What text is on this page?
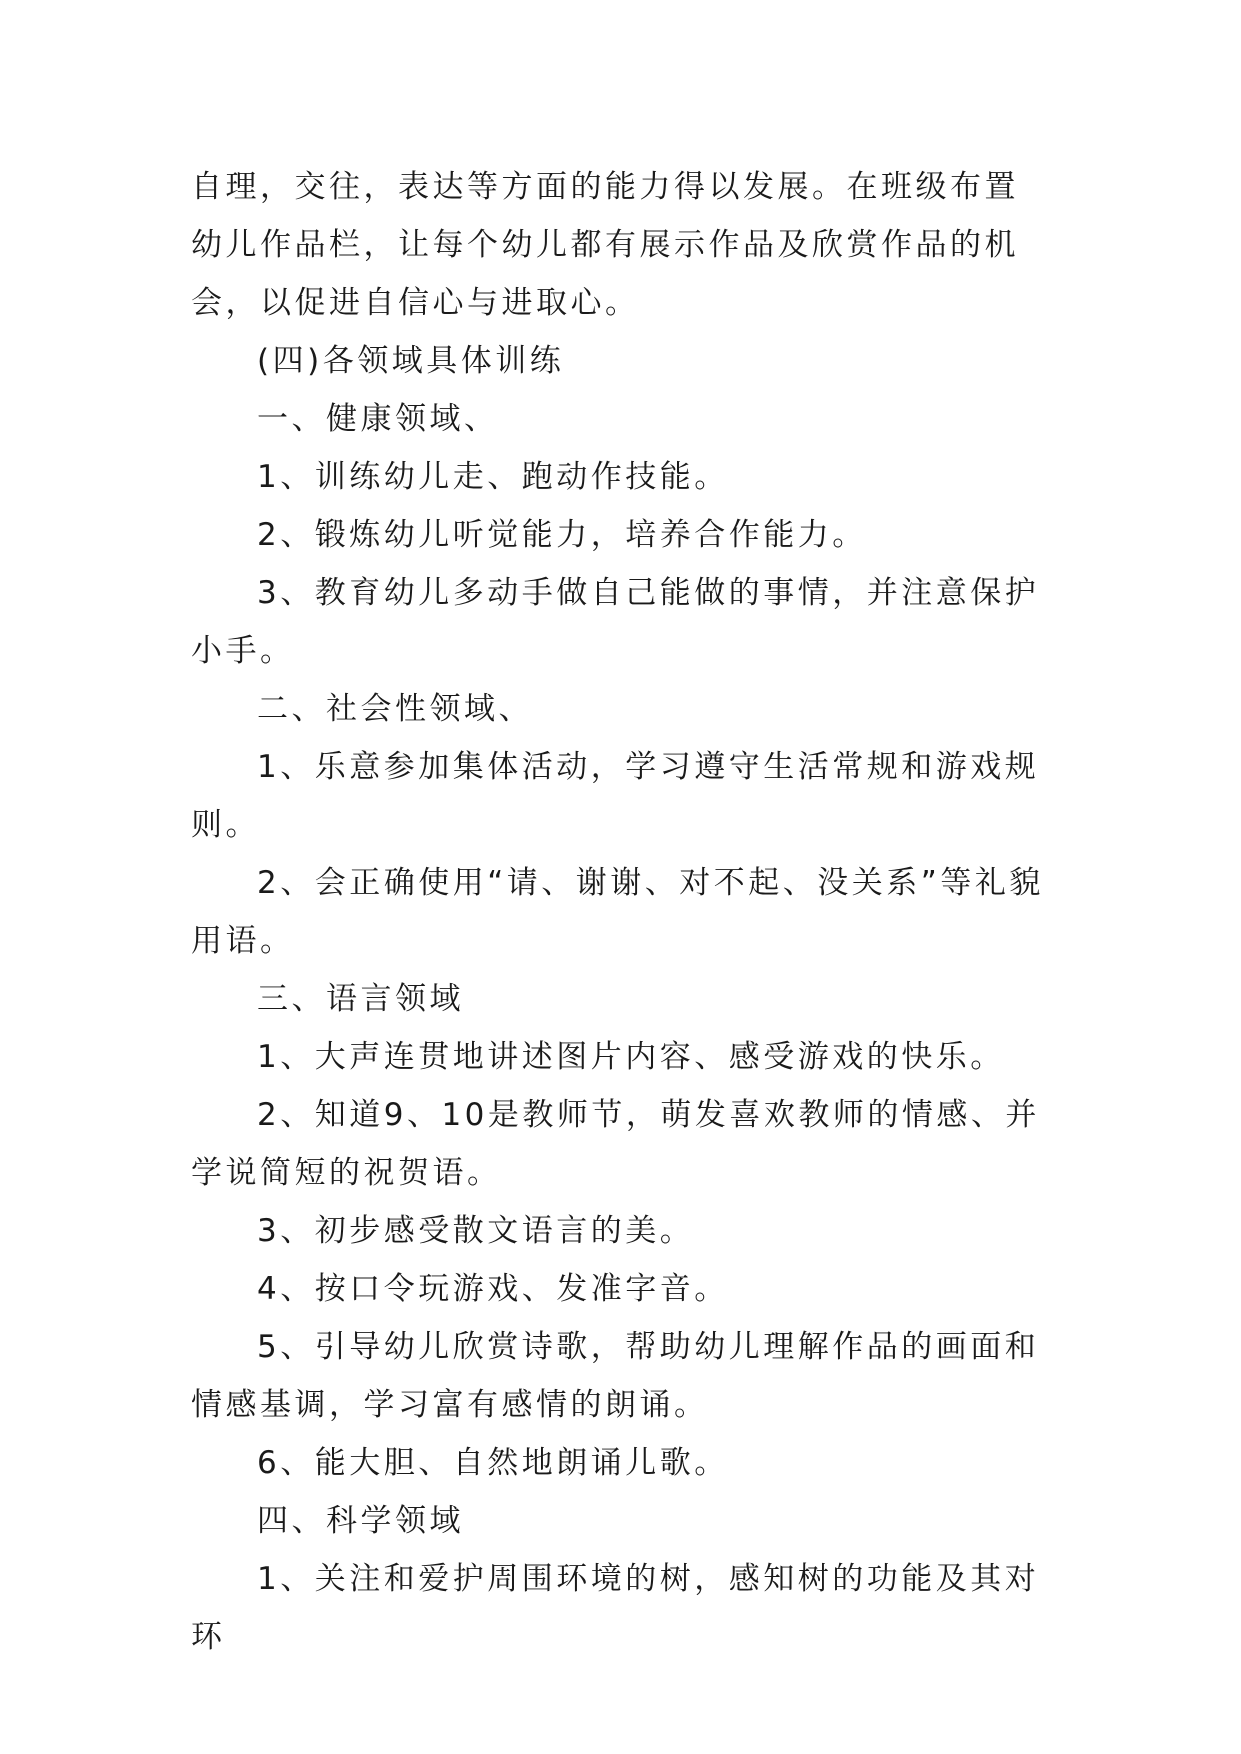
自理，交往，表达等方面的能力得以发展。在班级布置幼儿作品栏，让每个幼儿都有展示作品及欣赏作品的机会，以促进自信心与进取心。

(四)各领域具体训练

一、健康领域、

1、训练幼儿走、跑动作技能。

2、锻炼幼儿听觉能力，培养合作能力。

3、教育幼儿多动手做自己能做的事情，并注意保护小手。

二、社会性领域、

1、乐意参加集体活动，学习遵守生活常规和游戏规则。

2、会正确使用“请、谢谢、对不起、没关系”等礼貌用语。

三、语言领域

1、大声连贯地讲述图片内容、感受游戏的快乐。

2、知道9、10是教师节，萌发喜欢教师的情感、并学说简短的祝贺语。

3、初步感受散文语言的美。

4、按口令玩游戏、发准字音。

5、引导幼儿欣赏诗歌，帮助幼儿理解作品的画面和情感基调，学习富有感情的朗诵。

6、能大胆、自然地朗诵儿歌。

四、科学领域

1、关注和爱护周围环境的树，感知树的功能及其对环
